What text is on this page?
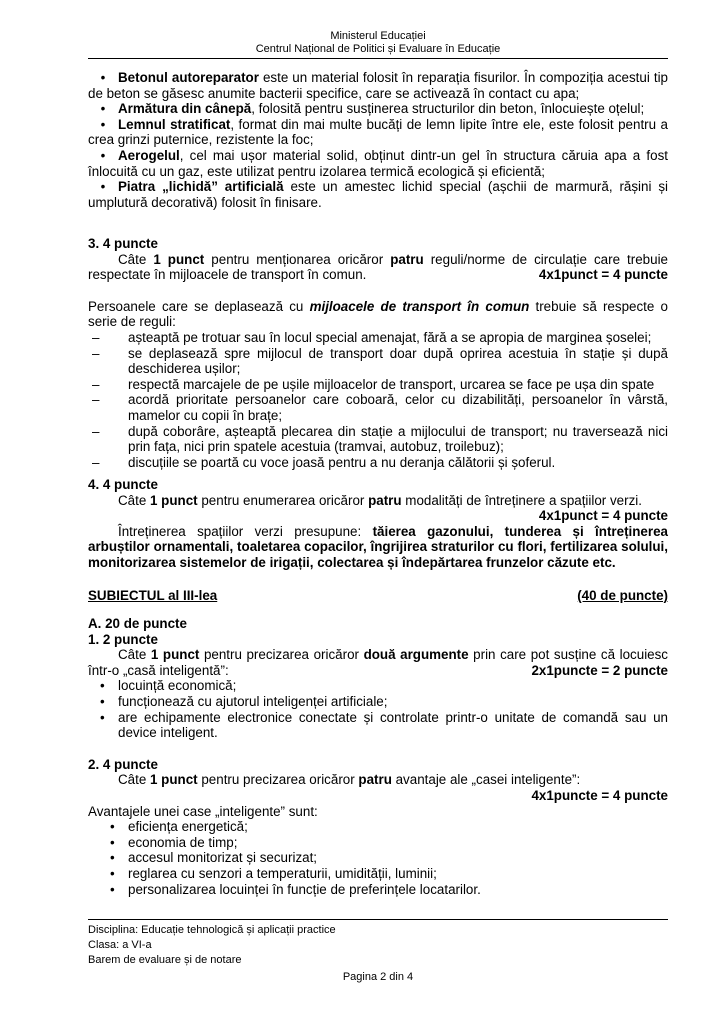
Ministerul Educației
Centrul Național de Politici și Evaluare în Educație
• Betonul autoreparator este un material folosit în reparația fisurilor. În compoziția acestui tip de beton se găsesc anumite bacterii specifice, care se activează în contact cu apa;
• Armătura din cânepă, folosită pentru susținerea structurilor din beton, înlocuiește oțelul;
• Lemnul stratificat, format din mai multe bucăți de lemn lipite între ele, este folosit pentru a crea grinzi puternice, rezistente la foc;
• Aerogelul, cel mai ușor material solid, obținut dintr-un gel în structura căruia apa a fost înlocuită cu un gaz, este utilizat pentru izolarea termică ecologică și eficientă;
• Piatra „lichidă” artificială este un amestec lichid special (așchii de marmură, rășini și umplutură decorativă) folosit în finisare.
3. 4 puncte
Câte 1 punct pentru menționarea oricăror patru reguli/norme de circulație care trebuie respectate în mijloacele de transport în comun.	4x1punct = 4 puncte
Persoanele care se deplasează cu mijloacele de transport în comun trebuie să respecte o serie de reguli:
– așteaptă pe trotuar sau în locul special amenajat, fără a se apropia de marginea șoselei;
– se deplasează spre mijlocul de transport doar după oprirea acestuia în stație și după deschiderea ușilor;
– respectă marcajele de pe ușile mijloacelor de transport, urcarea se face pe ușa din spate
– acordă prioritate persoanelor care coboară, celor cu dizabilități, persoanelor în vârstă, mamelor cu copii în brațe;
– după coborâre, așteaptă plecarea din stație a mijlocului de transport; nu traversează nici prin fața, nici prin spatele acestuia (tramvai, autobuz, troilebuz);
– discuțiile se poartă cu voce joasă pentru a nu deranja călătorii și șoferul.
4. 4 puncte
Câte 1 punct pentru enumerarea oricăror patru modalități de întreținere a spațiilor verzi.
4x1punct = 4 puncte
Întreținerea spațiilor verzi presupune: tăierea gazonului, tunderea și întreținerea arbuștilor ornamentali, toaletarea copacilor, îngrijirea straturilor cu flori, fertilizarea solului, monitorizarea sistemelor de irigații, colectarea și îndepărtarea frunzelor căzute etc.
SUBIECTUL al III-lea	(40 de puncte)
A. 20 de puncte
1. 2 puncte
Câte 1 punct pentru precizarea oricăror două argumente prin care pot susține că locuiesc într-o „casă inteligentă”:	2x1puncte = 2 puncte
• locuință economică;
• funcționează cu ajutorul inteligenței artificiale;
• are echipamente electronice conectate și controlate printr-o unitate de comandă sau un device inteligent.
2. 4 puncte
Câte 1 punct pentru precizarea oricăror patru avantaje ale „casei inteligente”:
4x1puncte = 4 puncte
Avantajele unei case „inteligente” sunt:
• eficiența energetică;
• economia de timp;
• accesul monitorizat și securizat;
• reglarea cu senzori a temperaturii, umidității, luminii;
• personalizarea locuinței în funcție de preferințele locatarilor.
Disciplina: Educație tehnologică și aplicații practice
Clasa: a VI-a
Barem de evaluare și de notare
Pagina 2 din 4
